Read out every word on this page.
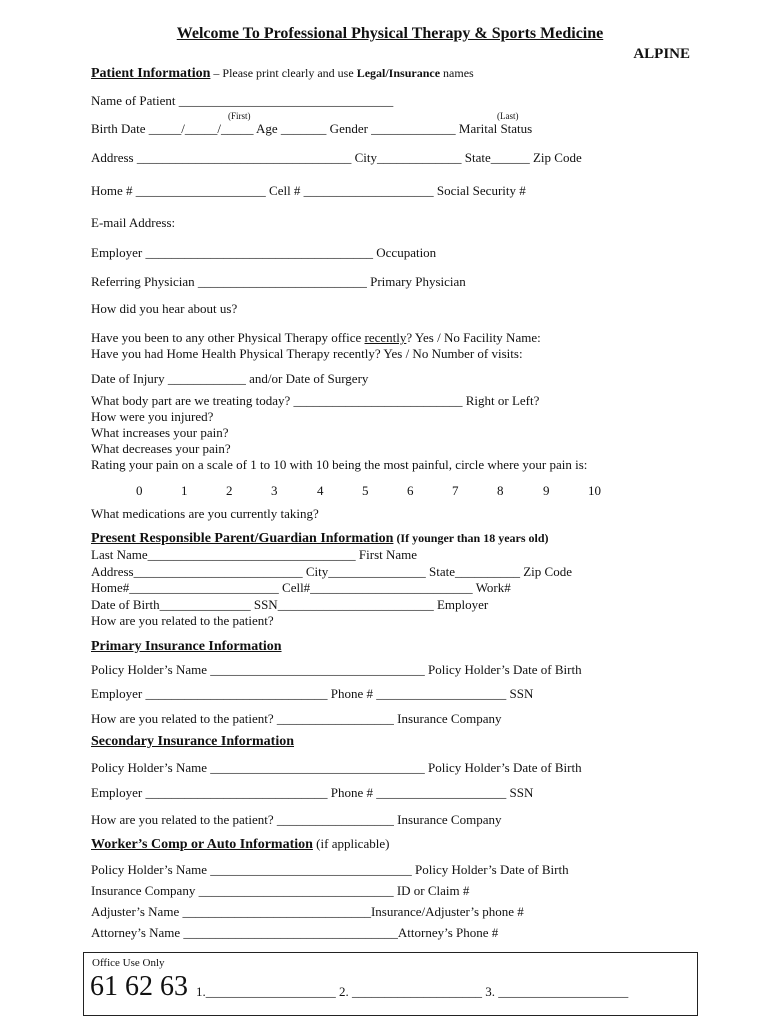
Welcome To Professional Physical Therapy & Sports Medicine
ALPINE
Patient Information – Please print clearly and use Legal/Insurance names
Name of Patient _________________________________
(First)	(Last)
Birth Date _____/_____/_____ Age _______ Gender _____________ Marital Status
Address _________________________________ City_____________ State______ Zip Code
Home # ____________________ Cell # ____________________ Social Security #
E-mail Address:
Employer ___________________________________ Occupation
Referring Physician __________________________ Primary Physician
How did you hear about us?
Have you been to any other Physical Therapy office recently? Yes / No Facility Name:
Have you had Home Health Physical Therapy recently? Yes / No Number of visits:
Date of Injury ____________ and/or Date of Surgery
What body part are we treating today? __________________________ Right or Left?
How were you injured?
What increases your pain?
What decreases your pain?
Rating your pain on a scale of 1 to 10 with 10 being the most painful, circle where your pain is:
0	1	2	3	4	5	6	7	8	9	10
What medications are you currently taking?
Present Responsible Parent/Guardian Information (If younger than 18 years old)
Last Name________________________________ First Name
Address__________________________ City_______________ State__________ Zip Code
Home#_______________________ Cell#_________________________ Work#
Date of Birth______________ SSN________________________ Employer
How are you related to the patient?
Primary Insurance Information
Policy Holder’s Name _________________________________ Policy Holder’s Date of Birth
Employer ____________________________ Phone # ____________________ SSN
How are you related to the patient? __________________ Insurance Company
Secondary Insurance Information
Policy Holder’s Name _________________________________ Policy Holder’s Date of Birth
Employer ____________________________ Phone # ____________________ SSN
How are you related to the patient? __________________ Insurance Company
Worker’s Comp or Auto Information (if applicable)
Policy Holder’s Name _______________________________ Policy Holder’s Date of Birth
Insurance Company ______________________________ ID or Claim #
Adjuster’s Name _____________________________Insurance/Adjuster’s phone #
Attorney’s Name _________________________________Attorney’s Phone #
Office Use Only
61 62 63 1.____________________ 2. ____________________ 3. ____________________
